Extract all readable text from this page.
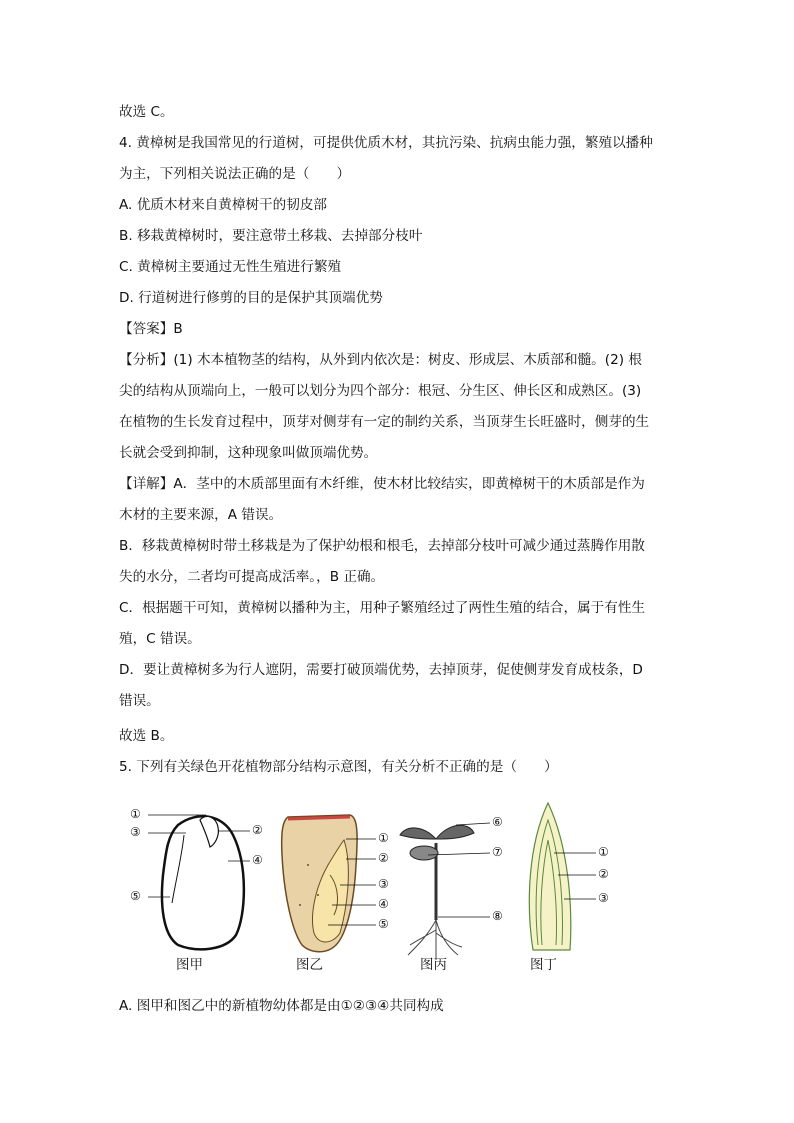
故选 C。
4. 黄樟树是我国常见的行道树，可提供优质木材，其抗污染、抗病虫能力强，繁殖以播种
为主，下列相关说法正确的是（　　）
A. 优质木材来自黄樟树干的韧皮部
B. 移栽黄樟树时，要注意带土移栽、去掉部分枝叶
C. 黄樟树主要通过无性生殖进行繁殖
D. 行道树进行修剪的目的是保护其顶端优势
【答案】B
【分析】(1) 木本植物茎的结构，从外到内依次是：树皮、形成层、木质部和髓。(2) 根
尖的结构从顶端向上，一般可以划分为四个部分：根冠、分生区、伸长区和成熟区。(3)
在植物的生长发育过程中，顶芽对侧芽有一定的制约关系，当顶芽生长旺盛时，侧芽的生
长就会受到抑制，这种现象叫做顶端优势。
【详解】A．茎中的木质部里面有木纤维，使木材比较结实，即黄樟树干的木质部是作为
木材的主要来源，A 错误。
B．移栽黄樟树时带土移栽是为了保护幼根和根毛，去掉部分枝叶可减少通过蒸腾作用散
失的水分，二者均可提高成活率。，B 正确。
C．根据题干可知，黄樟树以播种为主，用种子繁殖经过了两性生殖的结合，属于有性生
殖，C 错误。
D．要让黄樟树多为行人遮阴，需要打破顶端优势，去掉顶芽，促使侧芽发育成枝条，D
错误。
故选 B。
5. 下列有关绿色开花植物部分结构示意图，有关分析不正确的是（　　）
①
③	②
④
⑤
①
②
③
④
⑤
⑥
⑦
⑧
①
②
③
图甲	图乙	图丙	图丁
A. 图甲和图乙中的新植物幼体都是由①②③④共同构成
